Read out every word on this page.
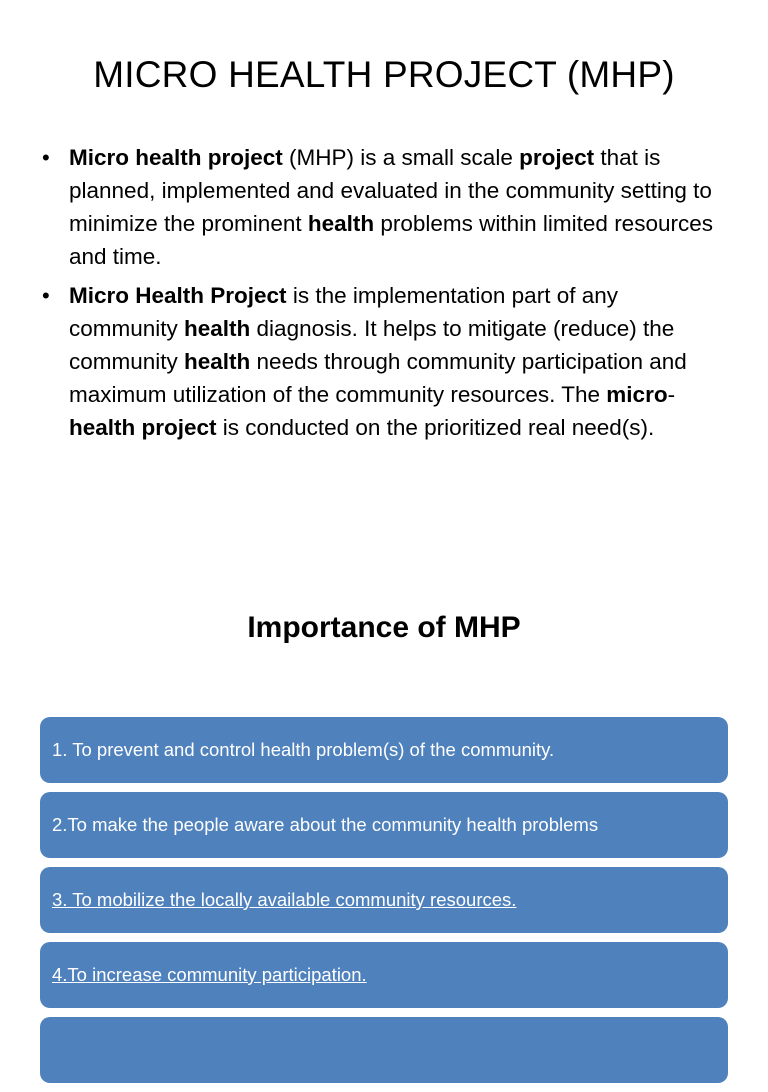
MICRO HEALTH PROJECT (MHP)
• Micro health project (MHP) is a small scale project that is planned, implemented and evaluated in the community setting to minimize the prominent health problems within limited resources and time.
• Micro Health Project is the implementation part of any community health diagnosis. It helps to mitigate (reduce) the community health needs through community participation and maximum utilization of the community resources. The micro-health project is conducted on the prioritized real need(s).
Importance of MHP
1. To prevent and control health problem(s) of the community.
2.To make the people aware about the community health problems
3. To mobilize the locally available community resources.
4.To increase community participation.
